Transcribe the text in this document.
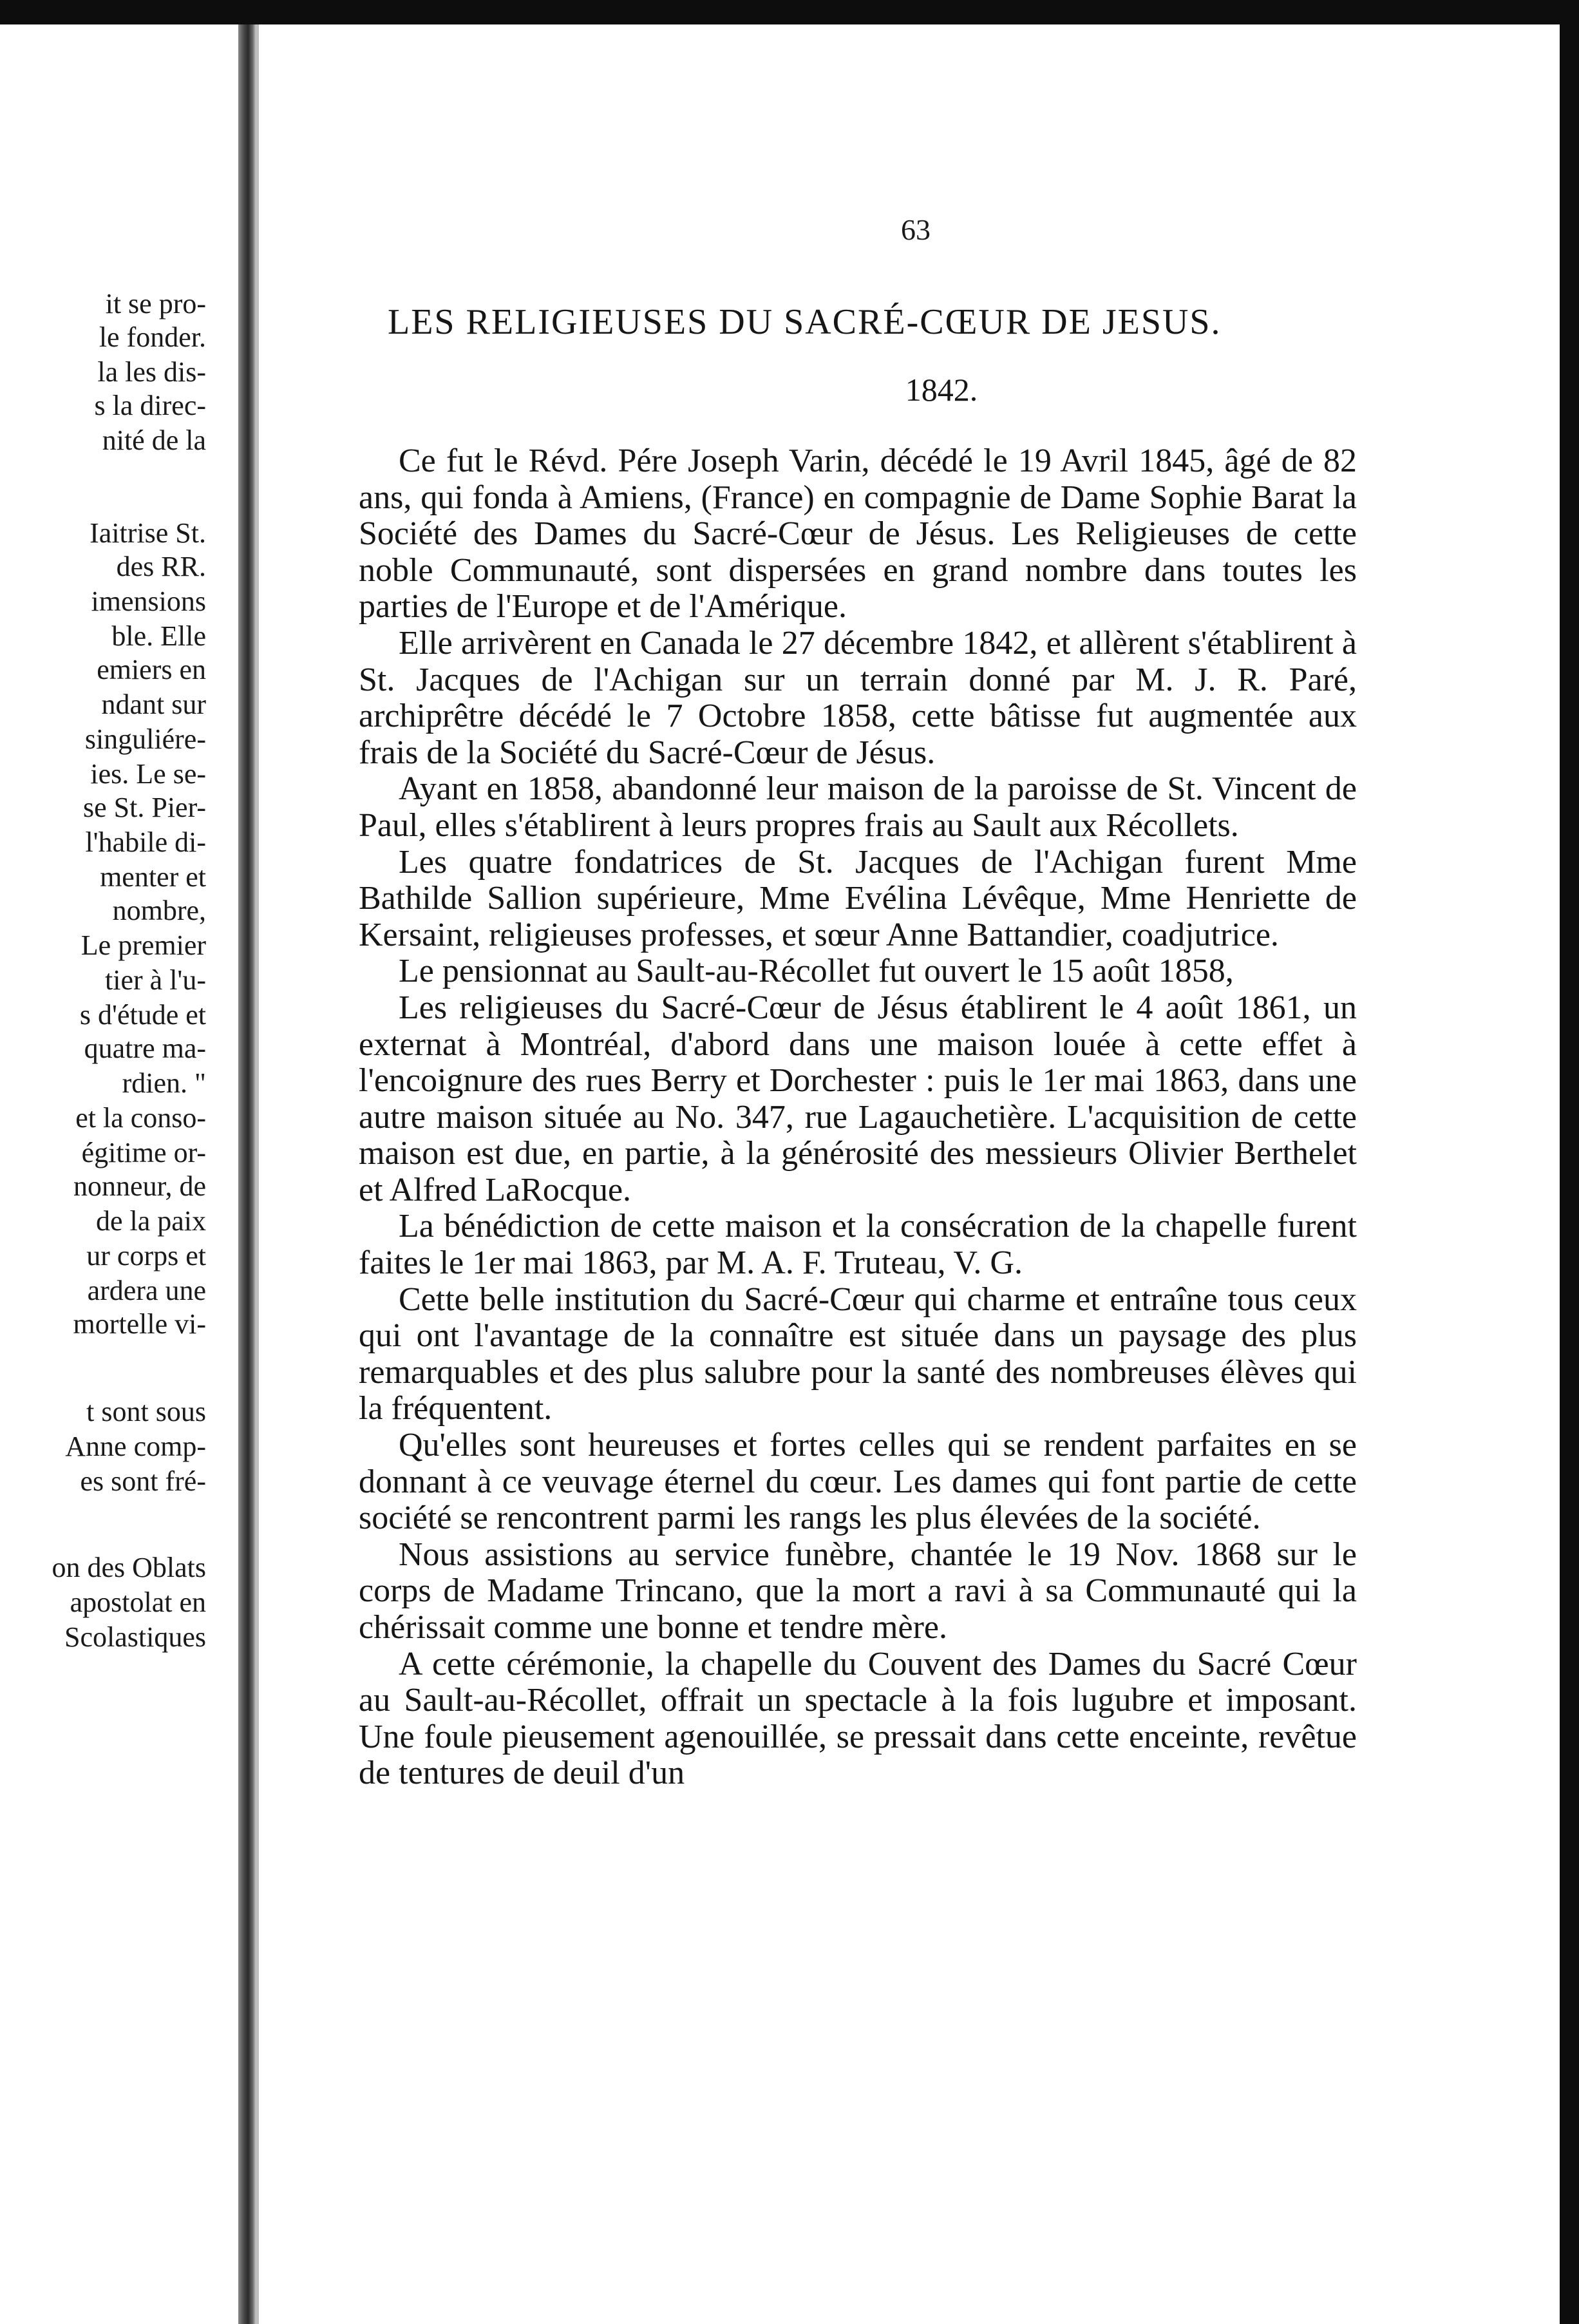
it se pro-
le fonder.
la les dis-
s la direc-
nité de la
Iaitrise St.
des RR.
imensions
ble. Elle
emiers en
ndant sur
singuliére-
ies. Le se-
se St. Pier-
l'habile di-
menter et
nombre,
Le premier
tier à l'u-
s d'étude et
quatre ma-
rdien. "
et la conso-
égitime or-
nonneur, de
de la paix
ur corps et
ardera une
mortelle vi-
t sont sous
Anne comp-
es sont fré-
on des Oblats
apostolat en
Scolastiques
63
LES RELIGIEUSES DU SACRÉ-CŒUR DE JESUS.
1842.

Ce fut le Révd. Pére Joseph Varin, décédé le 19 Avril 1845, âgé de 82 ans, qui fonda à Amiens, (France) en compagnie de Dame Sophie Barat la Société des Dames du Sacré-Cœur de Jésus. Les Religieuses de cette noble Communauté, sont dispersées en grand nombre dans toutes les parties de l'Europe et de l'Amérique.

Elle arrivèrent en Canada le 27 décembre 1842, et allèrent s'établirent à St. Jacques de l'Achigan sur un terrain donné par M. J. R. Paré, archiprêtre décédé le 7 Octobre 1858, cette bâtisse fut augmentée aux frais de la Société du Sacré-Cœur de Jésus.

Ayant en 1858, abandonné leur maison de la paroisse de St. Vincent de Paul, elles s'établirent à leurs propres frais au Sault aux Récollets.

Les quatre fondatrices de St. Jacques de l'Achigan furent Mme Bathilde Sallion supérieure, Mme Evélina Lévêque, Mme Henriette de Kersaint, religieuses professes, et sœur Anne Battandier, coadjutrice.

Le pensionnat au Sault-au-Récollet fut ouvert le 15 août 1858,

Les religieuses du Sacré-Cœur de Jésus établirent le 4 août 1861, un externat à Montréal, d'abord dans une maison louée à cette effet à l'encoignure des rues Berry et Dorchester : puis le 1er mai 1863, dans une autre maison située au No. 347, rue Lagauchetière. L'acquisition de cette maison est due, en partie, à la générosité des messieurs Olivier Berthelet et Alfred LaRocque.

La bénédiction de cette maison et la consécration de la chapelle furent faites le 1er mai 1863, par M. A. F. Truteau, V. G.

Cette belle institution du Sacré-Cœur qui charme et entraîne tous ceux qui ont l'avantage de la connaître est située dans un paysage des plus remarquables et des plus salubre pour la santé des nombreuses élèves qui la fréquentent.

Qu'elles sont heureuses et fortes celles qui se rendent parfaites en se donnant à ce veuvage éternel du cœur. Les dames qui font partie de cette société se rencontrent parmi les rangs les plus élevées de la société.

Nous assistions au service funèbre, chantée le 19 Nov. 1868 sur le corps de Madame Trincano, que la mort a ravi à sa Communauté qui la chérissait comme une bonne et tendre mère.

A cette cérémonie, la chapelle du Couvent des Dames du Sacré Cœur au Sault-au-Récollet, offrait un spectacle à la fois lugubre et imposant. Une foule pieusement agenouillée, se pressait dans cette enceinte, revêtue de tentures de deuil d'un
